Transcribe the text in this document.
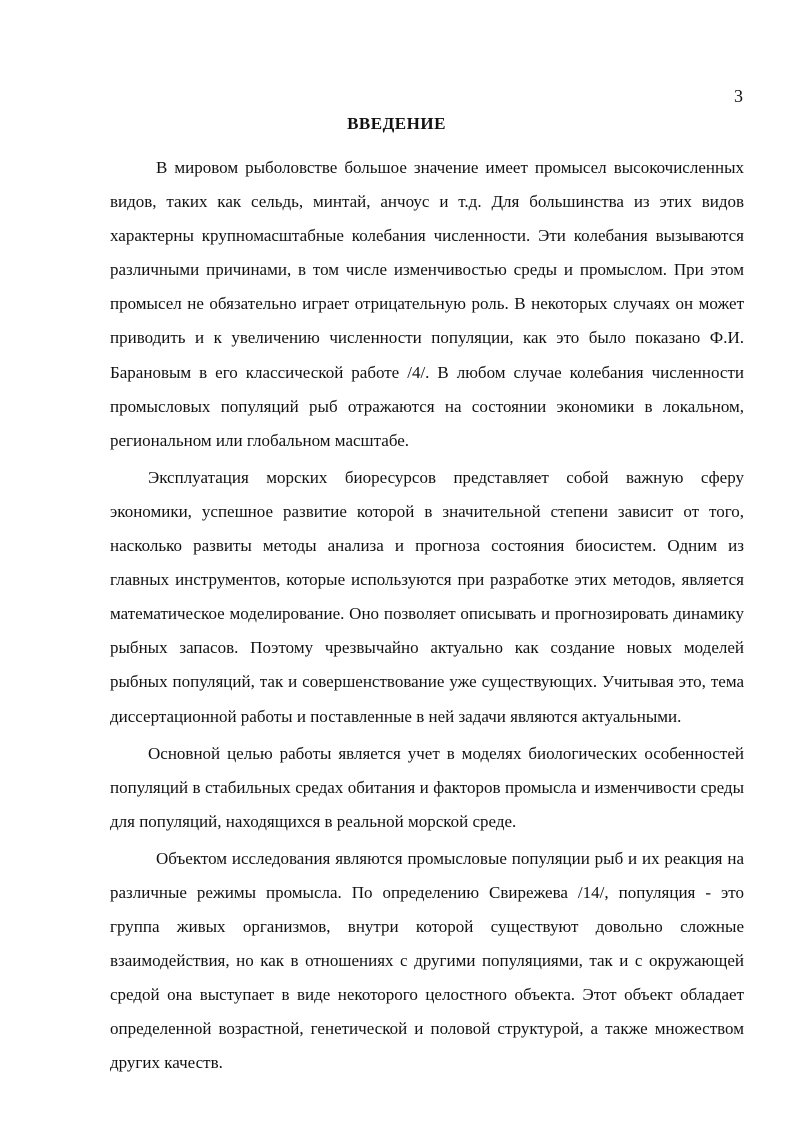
3
ВВЕДЕНИЕ

В мировом рыболовстве большое значение имеет промысел высокочисленных видов, таких как сельдь, минтай, анчоус и т.д. Для большинства из этих видов характерны крупномасштабные колебания численности. Эти колебания вызываются различными причинами, в том числе изменчивостью среды и промыслом. При этом промысел не обязательно играет отрицательную роль. В некоторых случаях он может приводить и к увеличению численности популяции, как это было показано Ф.И. Барановым в его классической работе /4/. В любом случае колебания численности промысловых популяций рыб отражаются на состоянии экономики в локальном, региональном или глобальном масштабе.

Эксплуатация морских биоресурсов представляет собой важную сферу экономики, успешное развитие которой в значительной степени зависит от того, насколько развиты методы анализа и прогноза состояния биосистем. Одним из главных инструментов, которые используются при разработке этих методов, является математическое моделирование. Оно позволяет описывать и прогнозировать динамику рыбных запасов. Поэтому чрезвычайно актуально как создание новых моделей рыбных популяций, так и совершенствование уже существующих. Учитывая это, тема диссертационной работы и поставленные в ней задачи являются актуальными.

Основной целью работы является учет в моделях биологических особенностей популяций в стабильных средах обитания и факторов промысла и изменчивости среды для популяций, находящихся в реальной морской среде.

Объектом исследования являются промысловые популяции рыб и их реакция на различные режимы промысла. По определению Свирежева /14/, популяция - это группа живых организмов, внутри которой существуют довольно сложные взаимодействия, но как в отношениях с другими популяциями, так и с окружающей средой она выступает в виде некоторого целостного объекта. Этот объект обладает определенной возрастной, генетической и половой структурой, а также множеством других качеств.
